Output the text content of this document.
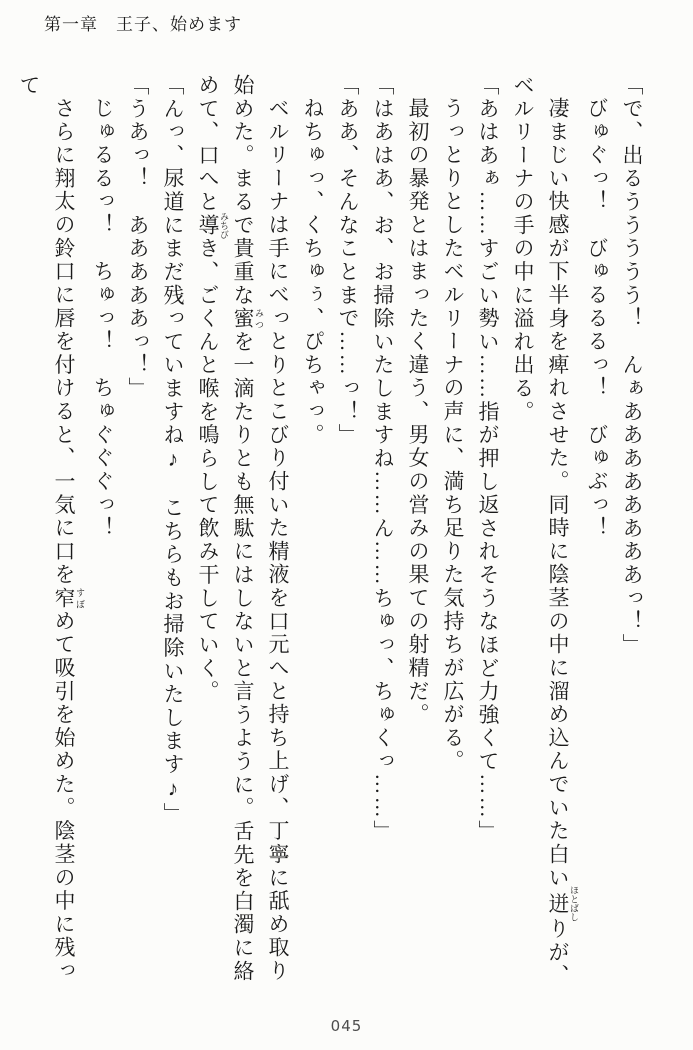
第一章　王子、始めます

「で、出るううううう！　んぁああああああああっ！」

びゅぐっ！　びゅるるるっ！　びゅぶっ！

凄まじい快感が下半身を痺れさせた。同時に陰茎の中に溜め込んでいた白い迸 ほとばしりが、ベルリーナの手の中に溢れ出る。

「あはあぁ……すごい勢い……指が押し返されそうなほど力強くて……」

うっとりとしたベルリーナの声に、満ち足りた気持ちが広がる。

最初の暴発とはまったく違う、男女の営みの果ての射精だ。

「はあはあ、お、お掃除いたしますね……ん……ちゅっ、ちゅくっ……」

「ああ、そんなことまで……っ！」

ねちゅっ、くちゅぅ、ぴちゃっ。

ベルリーナは手にべっとりとこびり付いた精液を口元へと持ち上げ、丁寧に舐め取り始めた。まるで貴重な蜜 みつを一滴たりとも無駄にはしないと言うように。舌先を白濁に絡めて、口へと導 みちびき、ごくんと喉を鳴らして飲み干していく。

「んっ、尿道にまだ残っていますね♪　こちらもお掃除いたします♪」

「うあっ！　あああああっ！」

じゅるるっ！　ちゅっ！　ちゅぐぐぐっ！

さらに翔太の鈴口に唇を付けると、一気に口を窄 すぼめて吸引を始めた。陰茎の中に残って

045
